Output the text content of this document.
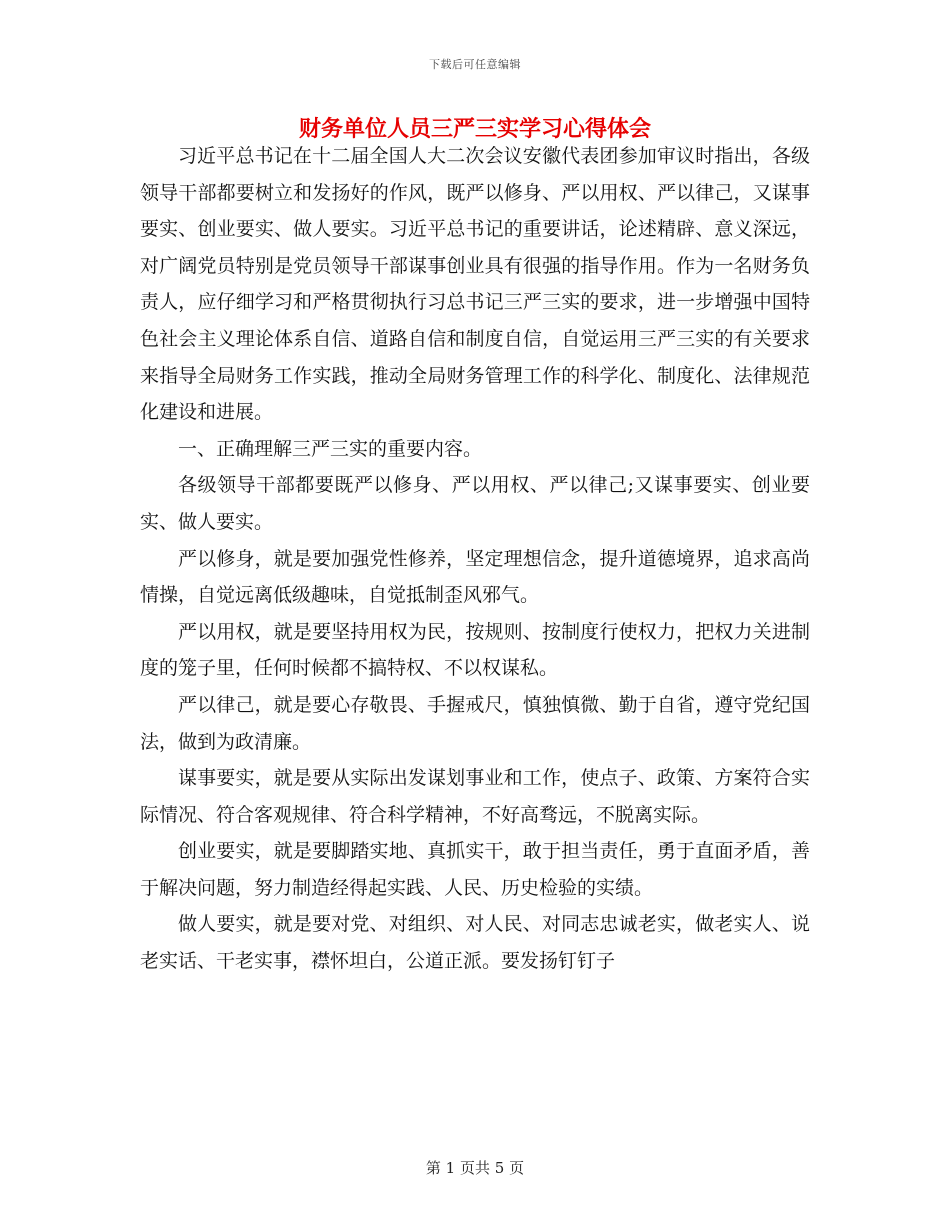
下载后可任意编辑
财务单位人员三严三实学习心得体会

习近平总书记在十二届全国人大二次会议安徽代表团参加审议时指出，各级领导干部都要树立和发扬好的作风，既严以修身、严以用权、严以律己，又谋事要实、创业要实、做人要实。习近平总书记的重要讲话，论述精辟、意义深远，对广阔党员特别是党员领导干部谋事创业具有很强的指导作用。作为一名财务负责人，应仔细学习和严格贯彻执行习总书记三严三实的要求，进一步增强中国特色社会主义理论体系自信、道路自信和制度自信，自觉运用三严三实的有关要求来指导全局财务工作实践，推动全局财务管理工作的科学化、制度化、法律规范化建设和进展。

一、正确理解三严三实的重要内容。

各级领导干部都要既严以修身、严以用权、严以律己;又谋事要实、创业要实、做人要实。

严以修身，就是要加强党性修养，坚定理想信念，提升道德境界，追求高尚情操，自觉远离低级趣味，自觉抵制歪风邪气。

严以用权，就是要坚持用权为民，按规则、按制度行使权力，把权力关进制度的笼子里，任何时候都不搞特权、不以权谋私。

严以律己，就是要心存敬畏、手握戒尺，慎独慎微、勤于自省，遵守党纪国法，做到为政清廉。

谋事要实，就是要从实际出发谋划事业和工作，使点子、政策、方案符合实际情况、符合客观规律、符合科学精神，不好高骛远，不脱离实际。

创业要实，就是要脚踏实地、真抓实干，敢于担当责任，勇于直面矛盾，善于解决问题，努力制造经得起实践、人民、历史检验的实绩。

做人要实，就是要对党、对组织、对人民、对同志忠诚老实，做老实人、说老实话、干老实事，襟怀坦白，公道正派。要发扬钉钉子

第 1 页共 5 页
